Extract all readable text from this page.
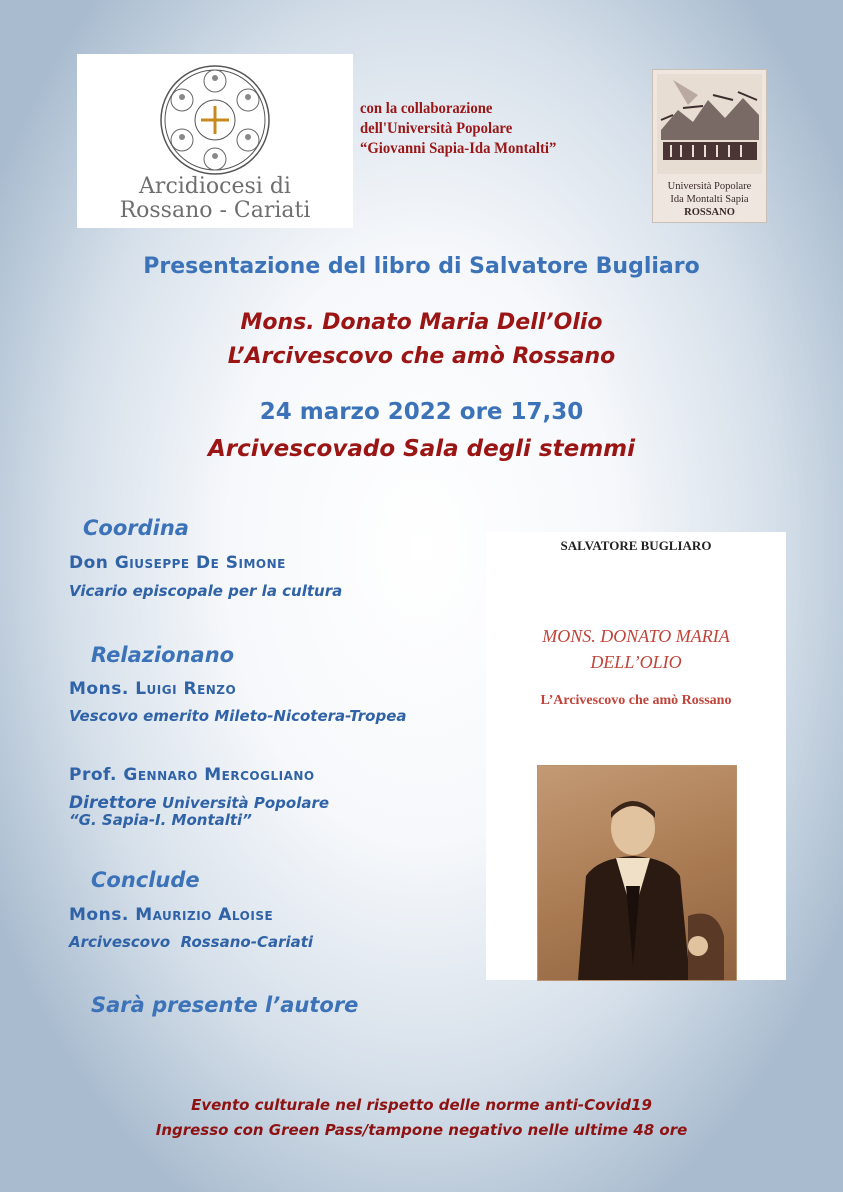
Arcidiocesi di
Rossano - Cariati
con la collaborazione
dell'Università Popolare
“Giovanni Sapia-Ida Montalti”
Università Popolare
Ida Montalti Sapia
ROSSANO
Presentazione del libro di Salvatore Bugliaro
Mons. Donato Maria Dell’Olio
L’Arcivescovo che amò Rossano
24 marzo 2022 ore 17,30
Arcivescovado Sala degli stemmi
Coordina
Don Giuseppe De Simone
Vicario episcopale per la cultura
Relazionano
Mons. Luigi Renzo
Vescovo emerito Mileto-Nicotera-Tropea
Prof. Gennaro Mercogliano
Direttore Università Popolare
“G. Sapia-I. Montalti”
Conclude
Mons. Maurizio Aloise
Arcivescovo  Rossano-Cariati
Sarà presente l’autore
SALVATORE BUGLIARO
MONS. DONATO MARIA
DELL’OLIO
L’Arcivescovo che amò Rossano
Evento culturale nel rispetto delle norme anti-Covid19
Ingresso con Green Pass/tampone negativo nelle ultime 48 ore
